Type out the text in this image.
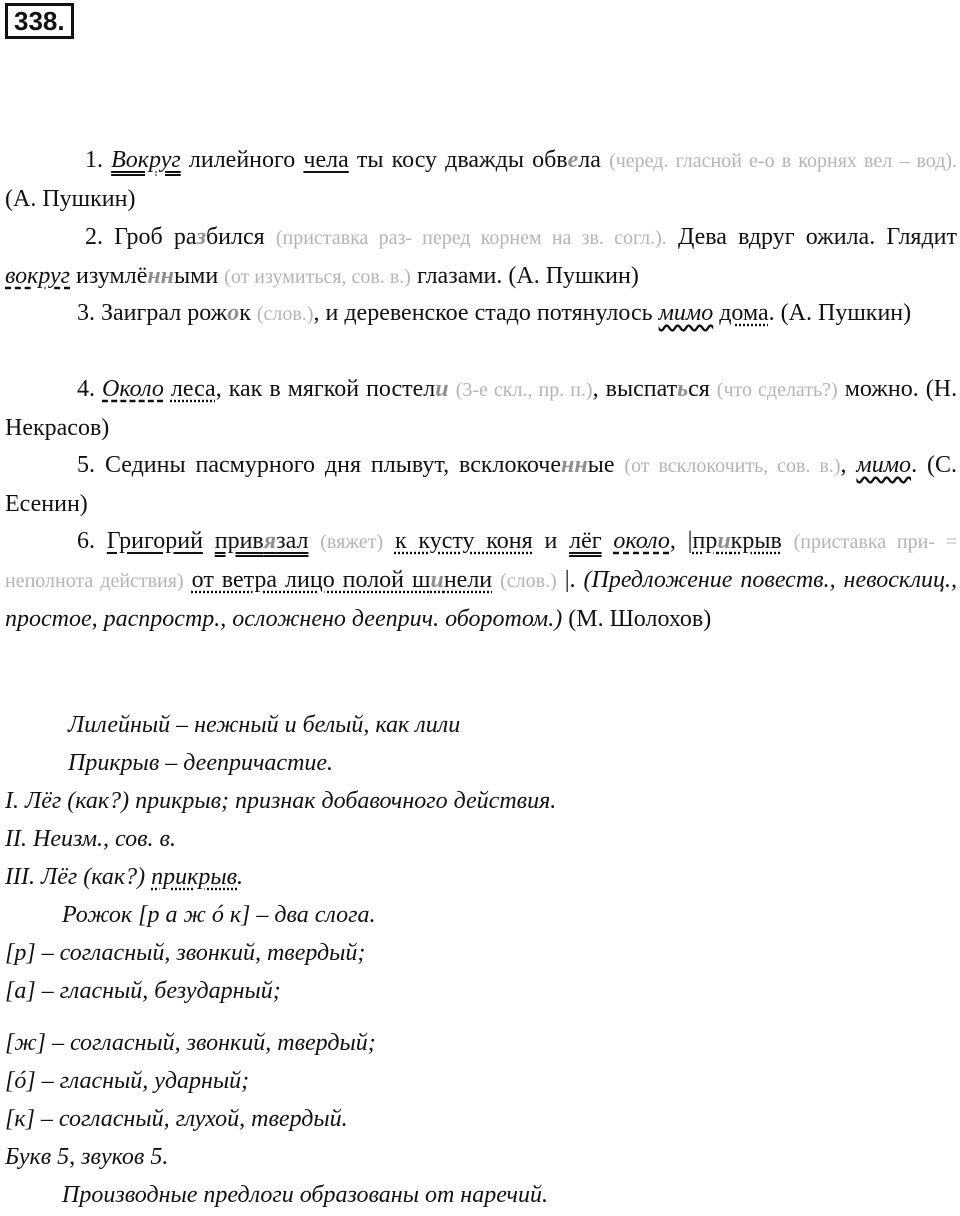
338.
1. Вокруг лилейного чела ты косу дважды обвела (черед. гласной е-о в корнях вел – вод). (А. Пушкин)
2. Гроб разбился (приставка раз- перед корнем на зв. согл.). Дева вдруг ожила. Глядит вокруг изумлёнными (от изумиться, сов. в.) глазами. (А. Пушкин)
3. Заиграл рожок (слов.), и деревенское стадо потянулось мимо дома. (А. Пушкин)
4. Около леса, как в мягкой постели (3-е скл., пр. п.), выспаться (что сделать?) можно. (Н. Некрасов)
5. Седины пасмурного дня плывут, всклокоченные (от всклокочить, сов. в.), мимо. (С. Есенин)
6. Григорий привязал (вяжет) к кусту коня и лёг около, |прикрыв (приставка при- = неполнота действия) от ветра лицо полой шинели (слов.) |. (Предложение повеств., невосклиц., простое, распростр., осложнено дееприч. оборотом.) (М. Шолохов)
Лилейный – нежный и белый, как лили
Прикрыв – деепричастие.
I. Лёг (как?) прикрыв; признак добавочного действия.
II. Неизм., сов. в.
III. Лёг (как?) прикрыв.
Рожок [р а ж ó к] – два слога.
[р] – согласный, звонкий, твердый;
[а] – гласный, безударный;
[ж] – согласный, звонкий, твердый;
[ó] – гласный, ударный;
[к] – согласный, глухой, твердый.
Букв 5, звуков 5.
Производные предлоги образованы от наречий.
